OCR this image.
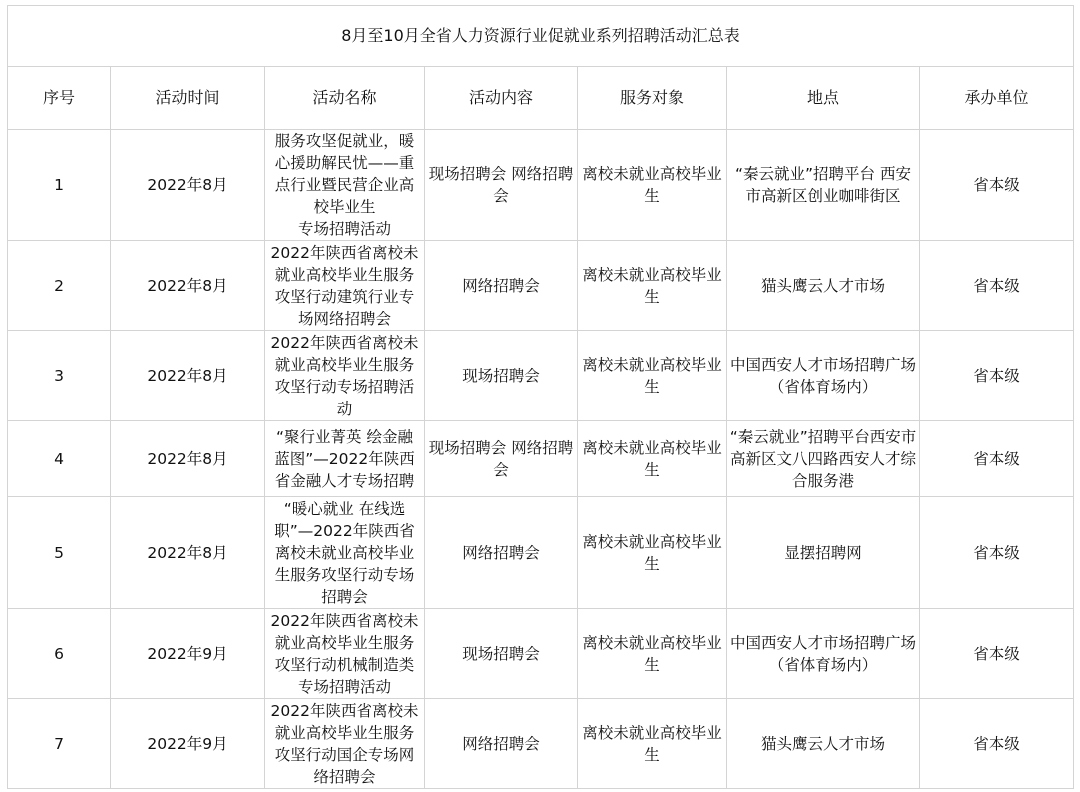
8月至10月全省人力资源行业促就业系列招聘活动汇总表						
序号	活动时间	活动名称	活动内容	服务对象	地点	承办单位
1	2022年8月	服务攻坚促就业，暖
心援助解民忧——重
点行业暨民营企业高
校毕业生
专场招聘活动	现场招聘会 网络招聘会	离校未就业高校毕业生	“秦云就业”招聘平台 西安市高新区创业咖啡街区	省本级
2	2022年8月	2022年陕西省离校未
就业高校毕业生服务
攻坚行动建筑行业专
场网络招聘会	网络招聘会	离校未就业高校毕业生	猫头鹰云人才市场	省本级
3	2022年8月	2022年陕西省离校未
就业高校毕业生服务
攻坚行动专场招聘活
动	现场招聘会	离校未就业高校毕业生	中国西安人才市场招聘广场（省体育场内）	省本级
4	2022年8月	“聚行业菁英 绘金融
蓝图”—2022年陕西
省金融人才专场招聘	现场招聘会 网络招聘会	离校未就业高校毕业生	“秦云就业”招聘平台西安市高新区文八四路西安人才综合服务港	省本级
5	2022年8月	“暖心就业 在线选
职”—2022年陕西省
离校未就业高校毕业
生服务攻坚行动专场
招聘会	网络招聘会	离校未就业高校毕业生	显摆招聘网	省本级
6	2022年9月	2022年陕西省离校未
就业高校毕业生服务
攻坚行动机械制造类
专场招聘活动	现场招聘会	离校未就业高校毕业生	中国西安人才市场招聘广场（省体育场内）	省本级
7	2022年9月	2022年陕西省离校未
就业高校毕业生服务
攻坚行动国企专场网
络招聘会	网络招聘会	离校未就业高校毕业生	猫头鹰云人才市场	省本级
